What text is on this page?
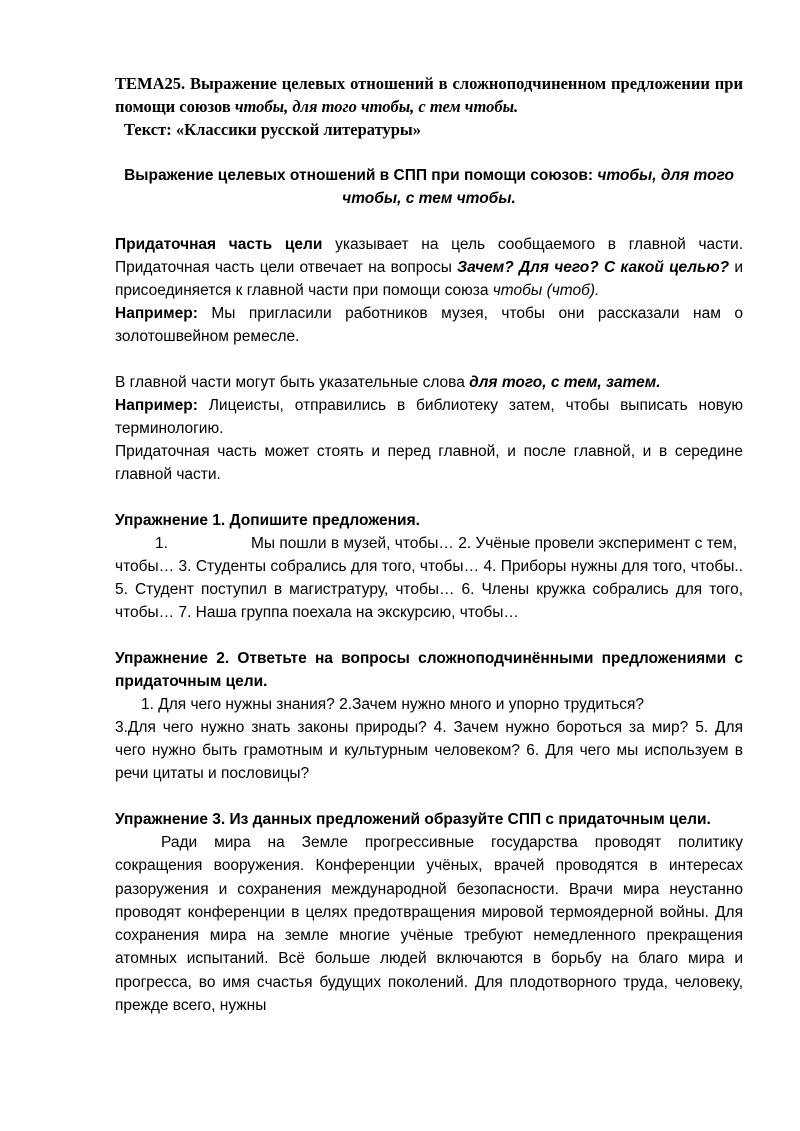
ТЕМА25. Выражение целевых отношений в сложноподчиненном предложении при помощи союзов чтобы, для того чтобы, с тем чтобы.

Текст: «Классики русской литературы»

Выражение целевых отношений в СПП при помощи союзов: чтобы, для того чтобы, с тем чтобы.

Придаточная часть цели указывает на цель сообщаемого в главной части. Придаточная часть цели отвечает на вопросы Зачем? Для чего? С какой целью? и присоединяется к главной части при помощи союза чтобы (чтоб).

Например: Мы пригласили работников музея, чтобы они рассказали нам о золотошвейном ремесле.

В главной части могут быть указательные слова для того, с тем, затем.

Например: Лицеисты, отправились в библиотеку затем, чтобы выписать новую терминологию.

Придаточная часть может стоять и перед главной, и после главной, и в середине главной части.

Упражнение 1. Допишите предложения.

1.	Мы пошли в музей, чтобы… 2. Учёные провели эксперимент с тем,

чтобы… 3. Студенты собрались для того, чтобы… 4. Приборы нужны для того, чтобы.. 5. Студент поступил в магистратуру, чтобы… 6. Члены кружка собрались для того, чтобы… 7. Наша группа поехала на экскурсию, чтобы…

Упражнение 2. Ответьте на вопросы сложноподчинёнными предложениями с придаточным цели.

1. Для чего нужны знания? 2.Зачем нужно много и упорно трудиться?

3.Для чего нужно знать законы природы? 4. Зачем нужно бороться за мир? 5. Для чего нужно быть грамотным и культурным человеком? 6. Для чего мы используем в речи цитаты и пословицы?

Упражнение 3. Из данных предложений образуйте СПП с придаточным цели.

Ради мира на Земле прогрессивные государства проводят политику сокращения вооружения. Конференции учёных, врачей проводятся в интересах разоружения и сохранения международной безопасности. Врачи мира неустанно проводят конференции в целях предотвращения мировой термоядерной войны. Для сохранения мира на земле многие учёные требуют немедленного прекращения атомных испытаний. Всё больше людей включаются в борьбу на благо мира и прогресса, во имя счастья будущих поколений. Для плодотворного труда, человеку, прежде всего, нужны
